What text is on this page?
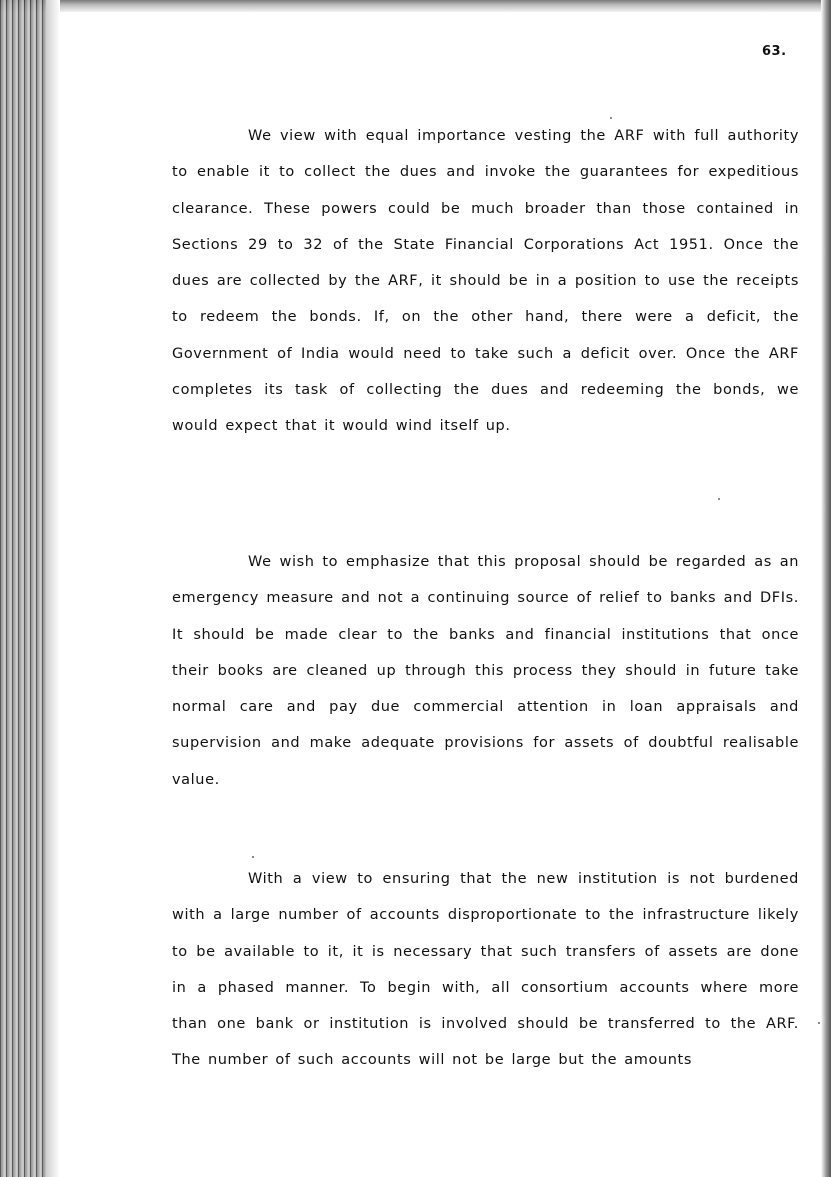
63.

We view with equal importance vesting the ARF with full authority to enable it to collect the dues and invoke the guarantees for expeditious clearance. These powers could be much broader than those contained in Sections 29 to 32 of the State Financial Corporations Act 1951. Once the dues are collected by the ARF, it should be in a position to use the receipts to redeem the bonds. If, on the other hand, there were a deficit, the Government of India would need to take such a deficit over. Once the ARF completes its task of collecting the dues and redeeming the bonds, we would expect that it would wind itself up.

We wish to emphasize that this proposal should be regarded as an emergency measure and not a continuing source of relief to banks and DFIs. It should be made clear to the banks and financial institutions that once their books are cleaned up through this process they should in future take normal care and pay due commercial attention in loan appraisals and supervision and make adequate provisions for assets of doubtful realisable value.

With a view to ensuring that the new institution is not burdened with a large number of accounts disproportionate to the infrastructure likely to be available to it, it is necessary that such transfers of assets are done in a phased manner. To begin with, all consortium accounts where more than one bank or institution is involved should be transferred to the ARF. The number of such accounts will not be large but the amounts
